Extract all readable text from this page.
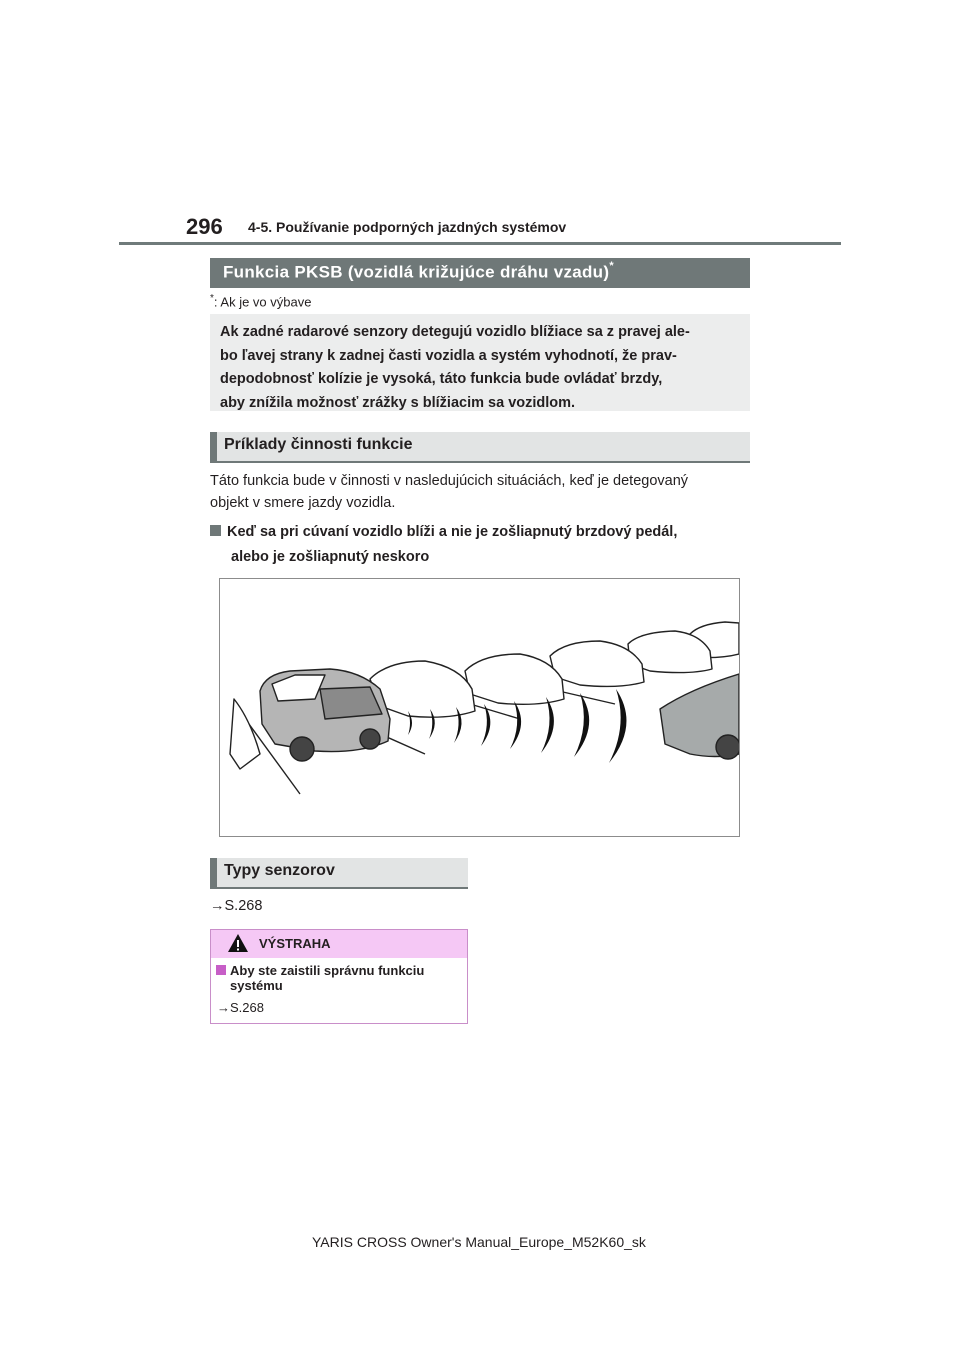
296 4-5. Používanie podporných jazdných systémov
Funkcia PKSB (vozidlá križujúce dráhu vzadu)*
*: Ak je vo výbave
Ak zadné radarové senzory detegujú vozidlo blížiace sa z pravej ale-
bo ľavej strany k zadnej časti vozidla a systém vyhodnotí, že prav-
depodobnosť kolízie je vysoká, táto funkcia bude ovládať brzdy,
aby znížila možnosť zrážky s blížiacim sa vozidlom.
Príklady činnosti funkcie
Táto funkcia bude v činnosti v nasledujúcich situáciách, keď je detegovaný
objekt v smere jazdy vozidla.
Keď sa pri cúvaní vozidlo blíži a nie je zošliapnutý brzdový pedál,
alebo je zošliapnutý neskoro
Typy senzorov
→S.268
VÝSTRAHA
Aby ste zaistili správnu funkciu
systému
→S.268
YARIS CROSS Owner's Manual_Europe_M52K60_sk
